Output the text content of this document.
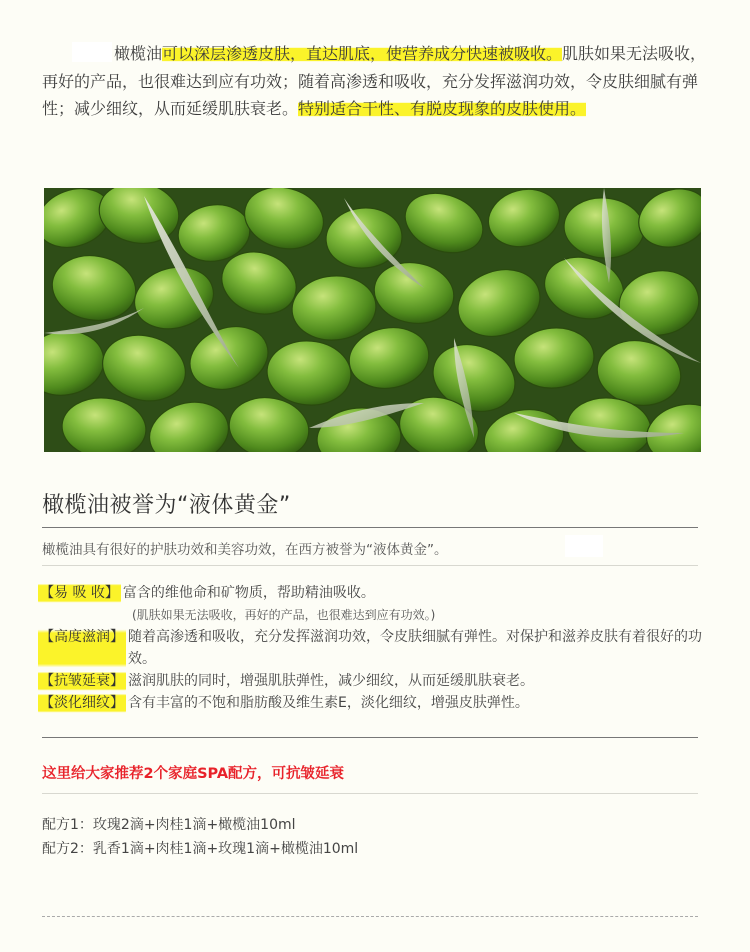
橄榄油可以深层渗透皮肤，直达肌底，使营养成分快速被吸收。肌肤如果无法吸收，再好的产品，也很难达到应有功效；随着高渗透和吸收，充分发挥滋润功效，令皮肤细腻有弹性；减少细纹，从而延缓肌肤衰老。特别适合干性、有脱皮现象的皮肤使用。

橄榄油被誉为“液体黄金”

橄榄油具有很好的护肤功效和美容功效，在西方被誉为“液体黄金”。

【易 吸 收】 富含的维他命和矿物质，帮助精油吸收。
(肌肤如果无法吸收，再好的产品，也很难达到应有功效。)
【高度滋润】 随着高渗透和吸收，充分发挥滋润功效，令皮肤细腻有弹性。对保护和滋养皮肤有着很好的功效。
【抗皱延衰】 滋润肌肤的同时，增强肌肤弹性，减少细纹，从而延缓肌肤衰老。
【淡化细纹】 含有丰富的不饱和脂肪酸及维生素E，淡化细纹，增强皮肤弹性。

这里给大家推荐2个家庭SPA配方，可抗皱延衰

配方1：玫瑰2滴+肉桂1滴+橄榄油10ml
配方2：乳香1滴+肉桂1滴+玫瑰1滴+橄榄油10ml
